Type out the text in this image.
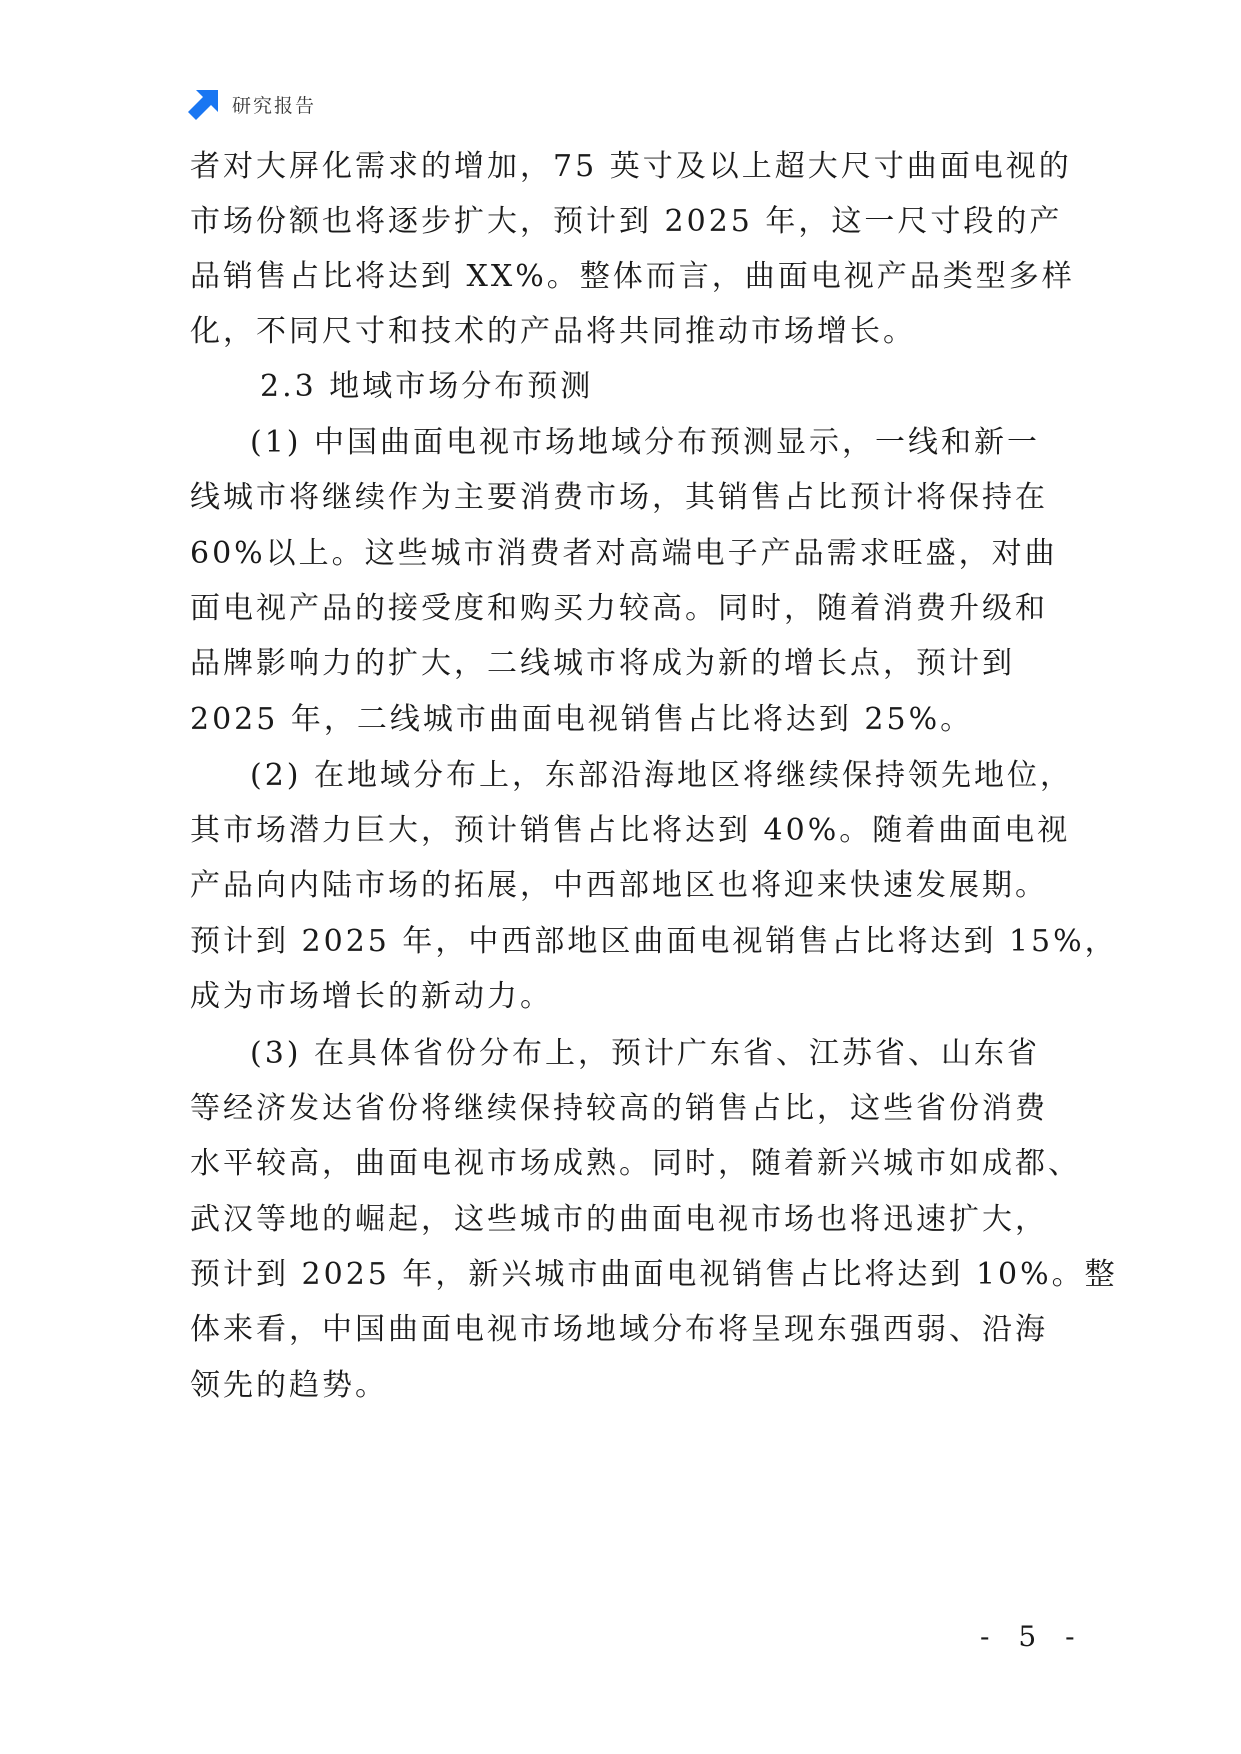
研究报告
者对大屏化需求的增加，75 英寸及以上超大尺寸曲面电视的
市场份额也将逐步扩大，预计到 2025 年，这一尺寸段的产
品销售占比将达到 XX%。整体而言，曲面电视产品类型多样
化，不同尺寸和技术的产品将共同推动市场增长。
2.3 地域市场分布预测
(1) 中国曲面电视市场地域分布预测显示，一线和新一
线城市将继续作为主要消费市场，其销售占比预计将保持在
60%以上。这些城市消费者对高端电子产品需求旺盛，对曲
面电视产品的接受度和购买力较高。同时，随着消费升级和
品牌影响力的扩大，二线城市将成为新的增长点，预计到
2025 年，二线城市曲面电视销售占比将达到 25%。
(2) 在地域分布上，东部沿海地区将继续保持领先地位，
其市场潜力巨大，预计销售占比将达到 40%。随着曲面电视
产品向内陆市场的拓展，中西部地区也将迎来快速发展期。
预计到 2025 年，中西部地区曲面电视销售占比将达到 15%，
成为市场增长的新动力。
(3) 在具体省份分布上，预计广东省、江苏省、山东省
等经济发达省份将继续保持较高的销售占比，这些省份消费
水平较高，曲面电视市场成熟。同时，随着新兴城市如成都、
武汉等地的崛起，这些城市的曲面电视市场也将迅速扩大，
预计到 2025 年，新兴城市曲面电视销售占比将达到 10%。整
体来看，中国曲面电视市场地域分布将呈现东强西弱、沿海
领先的趋势。
- 5 -
